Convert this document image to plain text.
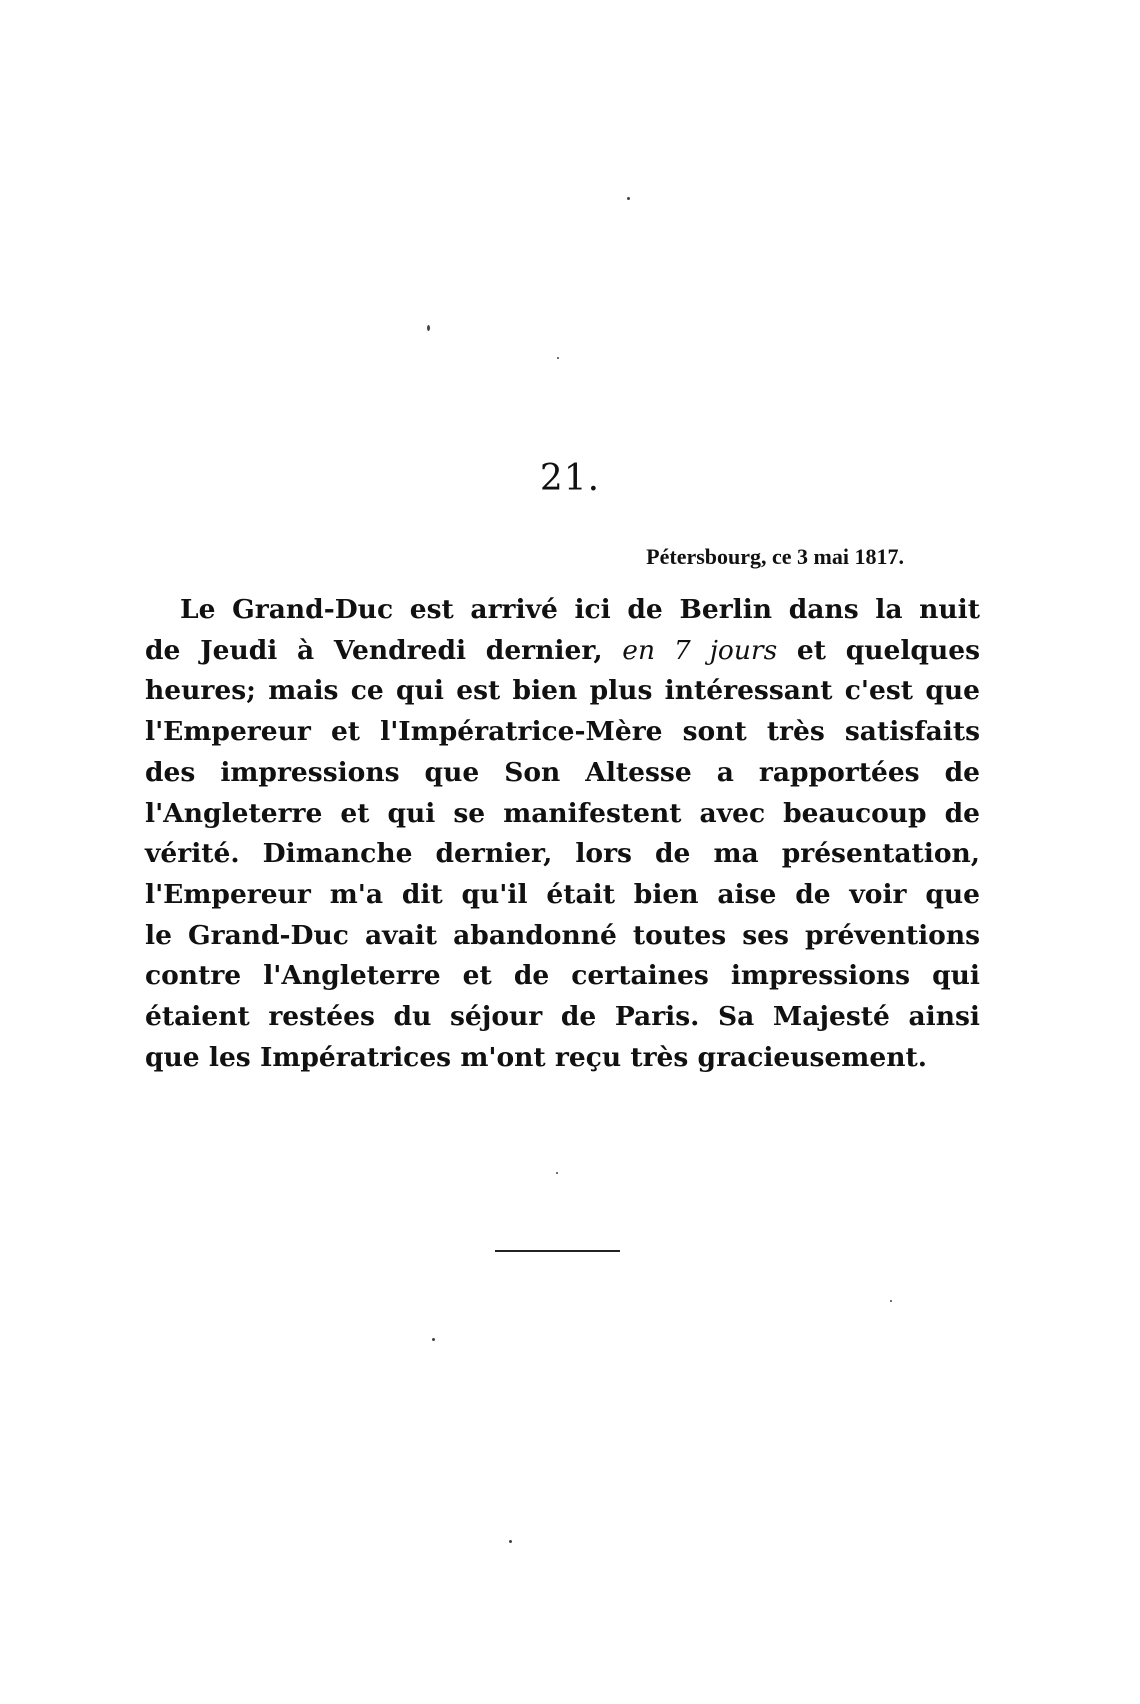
21.
Pétersbourg, ce 3 mai 1817.
Le Grand-Duc est arrivé ici de Berlin dans la nuit
de Jeudi à Vendredi dernier, en 7 jours et quelques
heures; mais ce qui est bien plus intéressant c'est que
l'Empereur et l'Impératrice-Mère sont très satisfaits
des impressions que Son Altesse a rapportées de
l'Angleterre et qui se manifestent avec beaucoup de
vérité. Dimanche dernier, lors de ma présentation,
l'Empereur m'a dit qu'il était bien aise de voir que
le Grand-Duc avait abandonné toutes ses préventions
contre l'Angleterre et de certaines impressions qui
étaient restées du séjour de Paris. Sa Majesté ainsi
que les Impératrices m'ont reçu très gracieusement.
